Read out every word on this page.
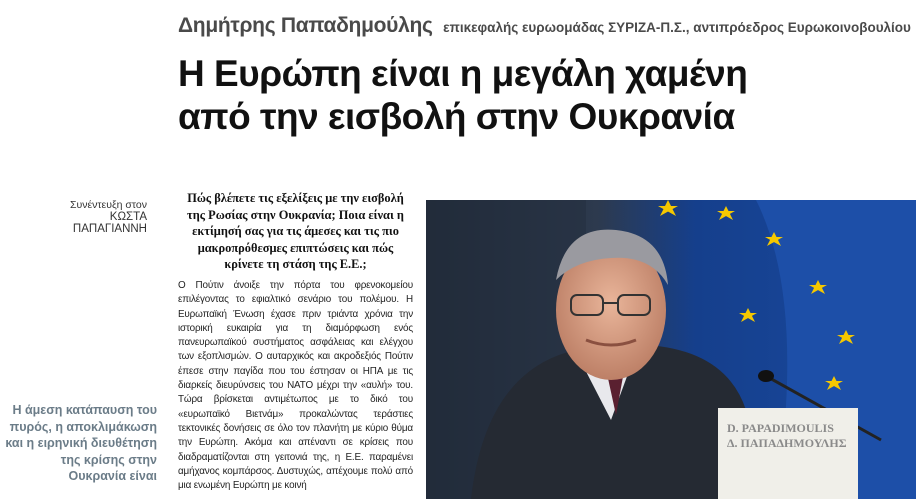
Δημήτρης Παπαδημούλης επικεφαλής ευρωομάδας ΣΥΡΙΖΑ-Π.Σ., αντιπρόεδρος Ευρωκοινοβουλίου
Η Ευρώπη είναι η μεγάλη χαμένη
από την εισβολή στην Ουκρανία
Συνέντευξη στον
ΚΩΣΤΑ
ΠΑΠΑΓΙΑΝΝΗ
Η άμεση κατάπαυση του πυρός, η αποκλιμάκωση και η ειρηνική διευθέτηση της κρίσης στην Ουκρανία είναι

Πώς βλέπετε τις εξελίξεις με την εισβολή της Ρωσίας στην Ουκρανία; Ποια είναι η εκτίμησή σας για τις άμεσες και τις πιο μακροπρόθεσμες επιπτώσεις και πώς κρίνετε τη στάση της Ε.Ε.;

Ο Πούτιν άνοιξε την πόρτα του φρενοκομείου επιλέγοντας το εφιαλτικό σενάριο του πολέμου. Η Ευρωπαϊκή Ένωση έχασε πριν τριάντα χρόνια την ιστορική ευκαιρία για τη διαμόρφωση ενός πανευρωπαϊκού συστήματος ασφάλειας και ελέγχου των εξοπλισμών. Ο αυταρχικός και ακροδεξιός Πούτιν έπεσε στην παγίδα που του έστησαν οι ΗΠΑ με τις διαρκείς διευρύνσεις του ΝΑΤΟ μέχρι την «αυλή» του. Τώρα βρίσκεται αντιμέτωπος με το δικό του «ευρωπαϊκό Βιετνάμ» προκαλώντας τεράστιες τεκτονικές δονήσεις σε όλο τον πλανήτη με κύριο θύμα την Ευρώπη. Ακόμα και απέναντι σε κρίσεις που διαδραματίζονται στη γειτονιά της, η Ε.Ε. παραμένει αμήχανος κομπάρσος. Δυστυχώς, απέχουμε πολύ από μια ενωμένη Ευρώπη με κοινή

D. PAPADIMOULIS
Δ. ΠΑΠΑΔΗΜΟΥΛΗΣ
